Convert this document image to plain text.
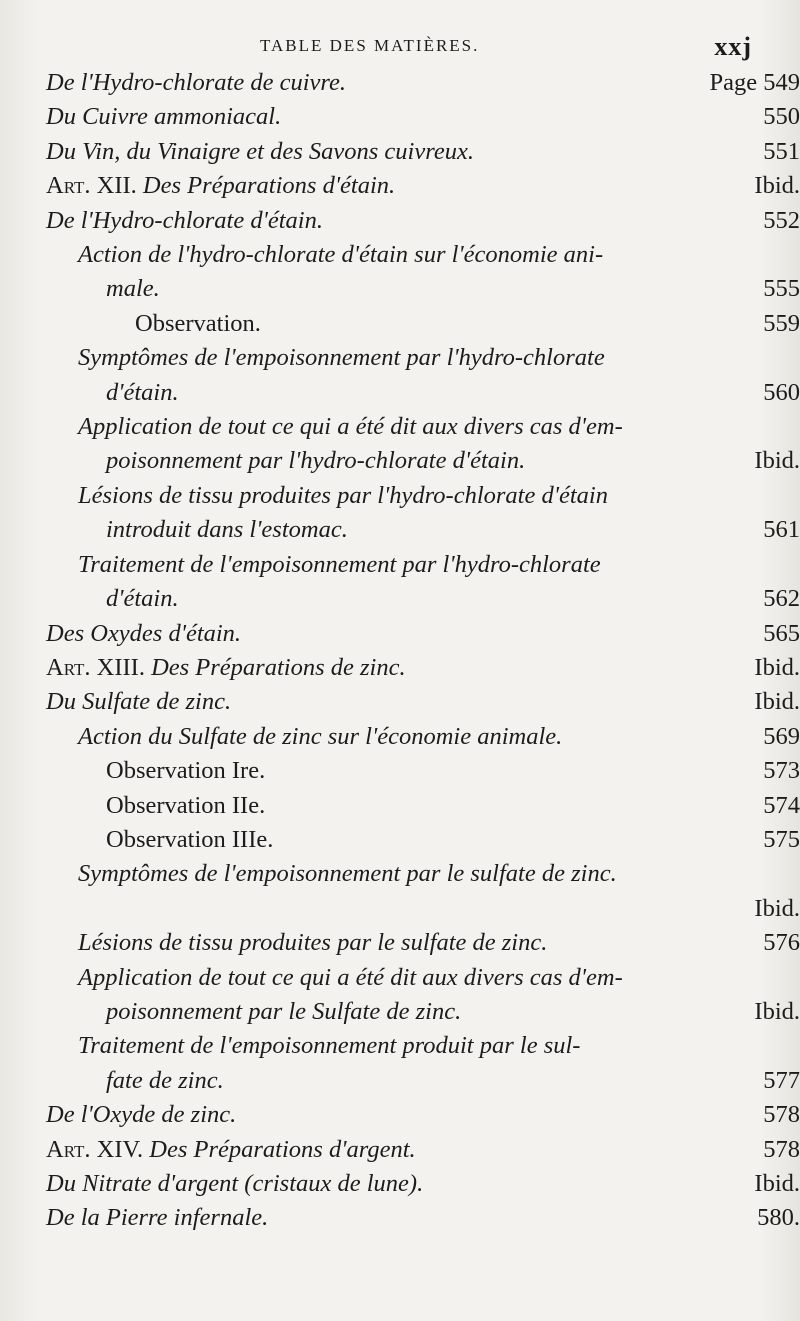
TABLE DES MATIÈRES.	xxj
De l'Hydro-chlorate de cuivre.	Page 549
Du Cuivre ammoniacal.	550
Du Vin, du Vinaigre et des Savons cuivreux.	551
Art. XII. Des Préparations d'étain.	Ibid.
De l'Hydro-chlorate d'étain.	552
Action de l'hydro-chlorate d'étain sur l'économie ani-
male.	555
Observation.	559
Symptômes de l'empoisonnement par l'hydro-chlorate
d'étain.	560
Application de tout ce qui a été dit aux divers cas d'em-
poisonnement par l'hydro-chlorate d'étain.	Ibid.
Lésions de tissu produites par l'hydro-chlorate d'étain
introduit dans l'estomac.	561
Traitement de l'empoisonnement par l'hydro-chlorate
d'étain.	562
Des Oxydes d'étain.	565
Art. XIII. Des Préparations de zinc.	Ibid.
Du Sulfate de zinc.	Ibid.
Action du Sulfate de zinc sur l'économie animale.	569
Observation Ire.	573
Observation IIe.	574
Observation IIIe.	575
Symptômes de l'empoisonnement par le sulfate de zinc.
Ibid.
Lésions de tissu produites par le sulfate de zinc.	576
Application de tout ce qui a été dit aux divers cas d'em-
poisonnement par le Sulfate de zinc.	Ibid.
Traitement de l'empoisonnement produit par le sul-
fate de zinc.	577
De l'Oxyde de zinc.	578
Art. XIV. Des Préparations d'argent.	578
Du Nitrate d'argent (cristaux de lune).	Ibid.
De la Pierre infernale.	580.
